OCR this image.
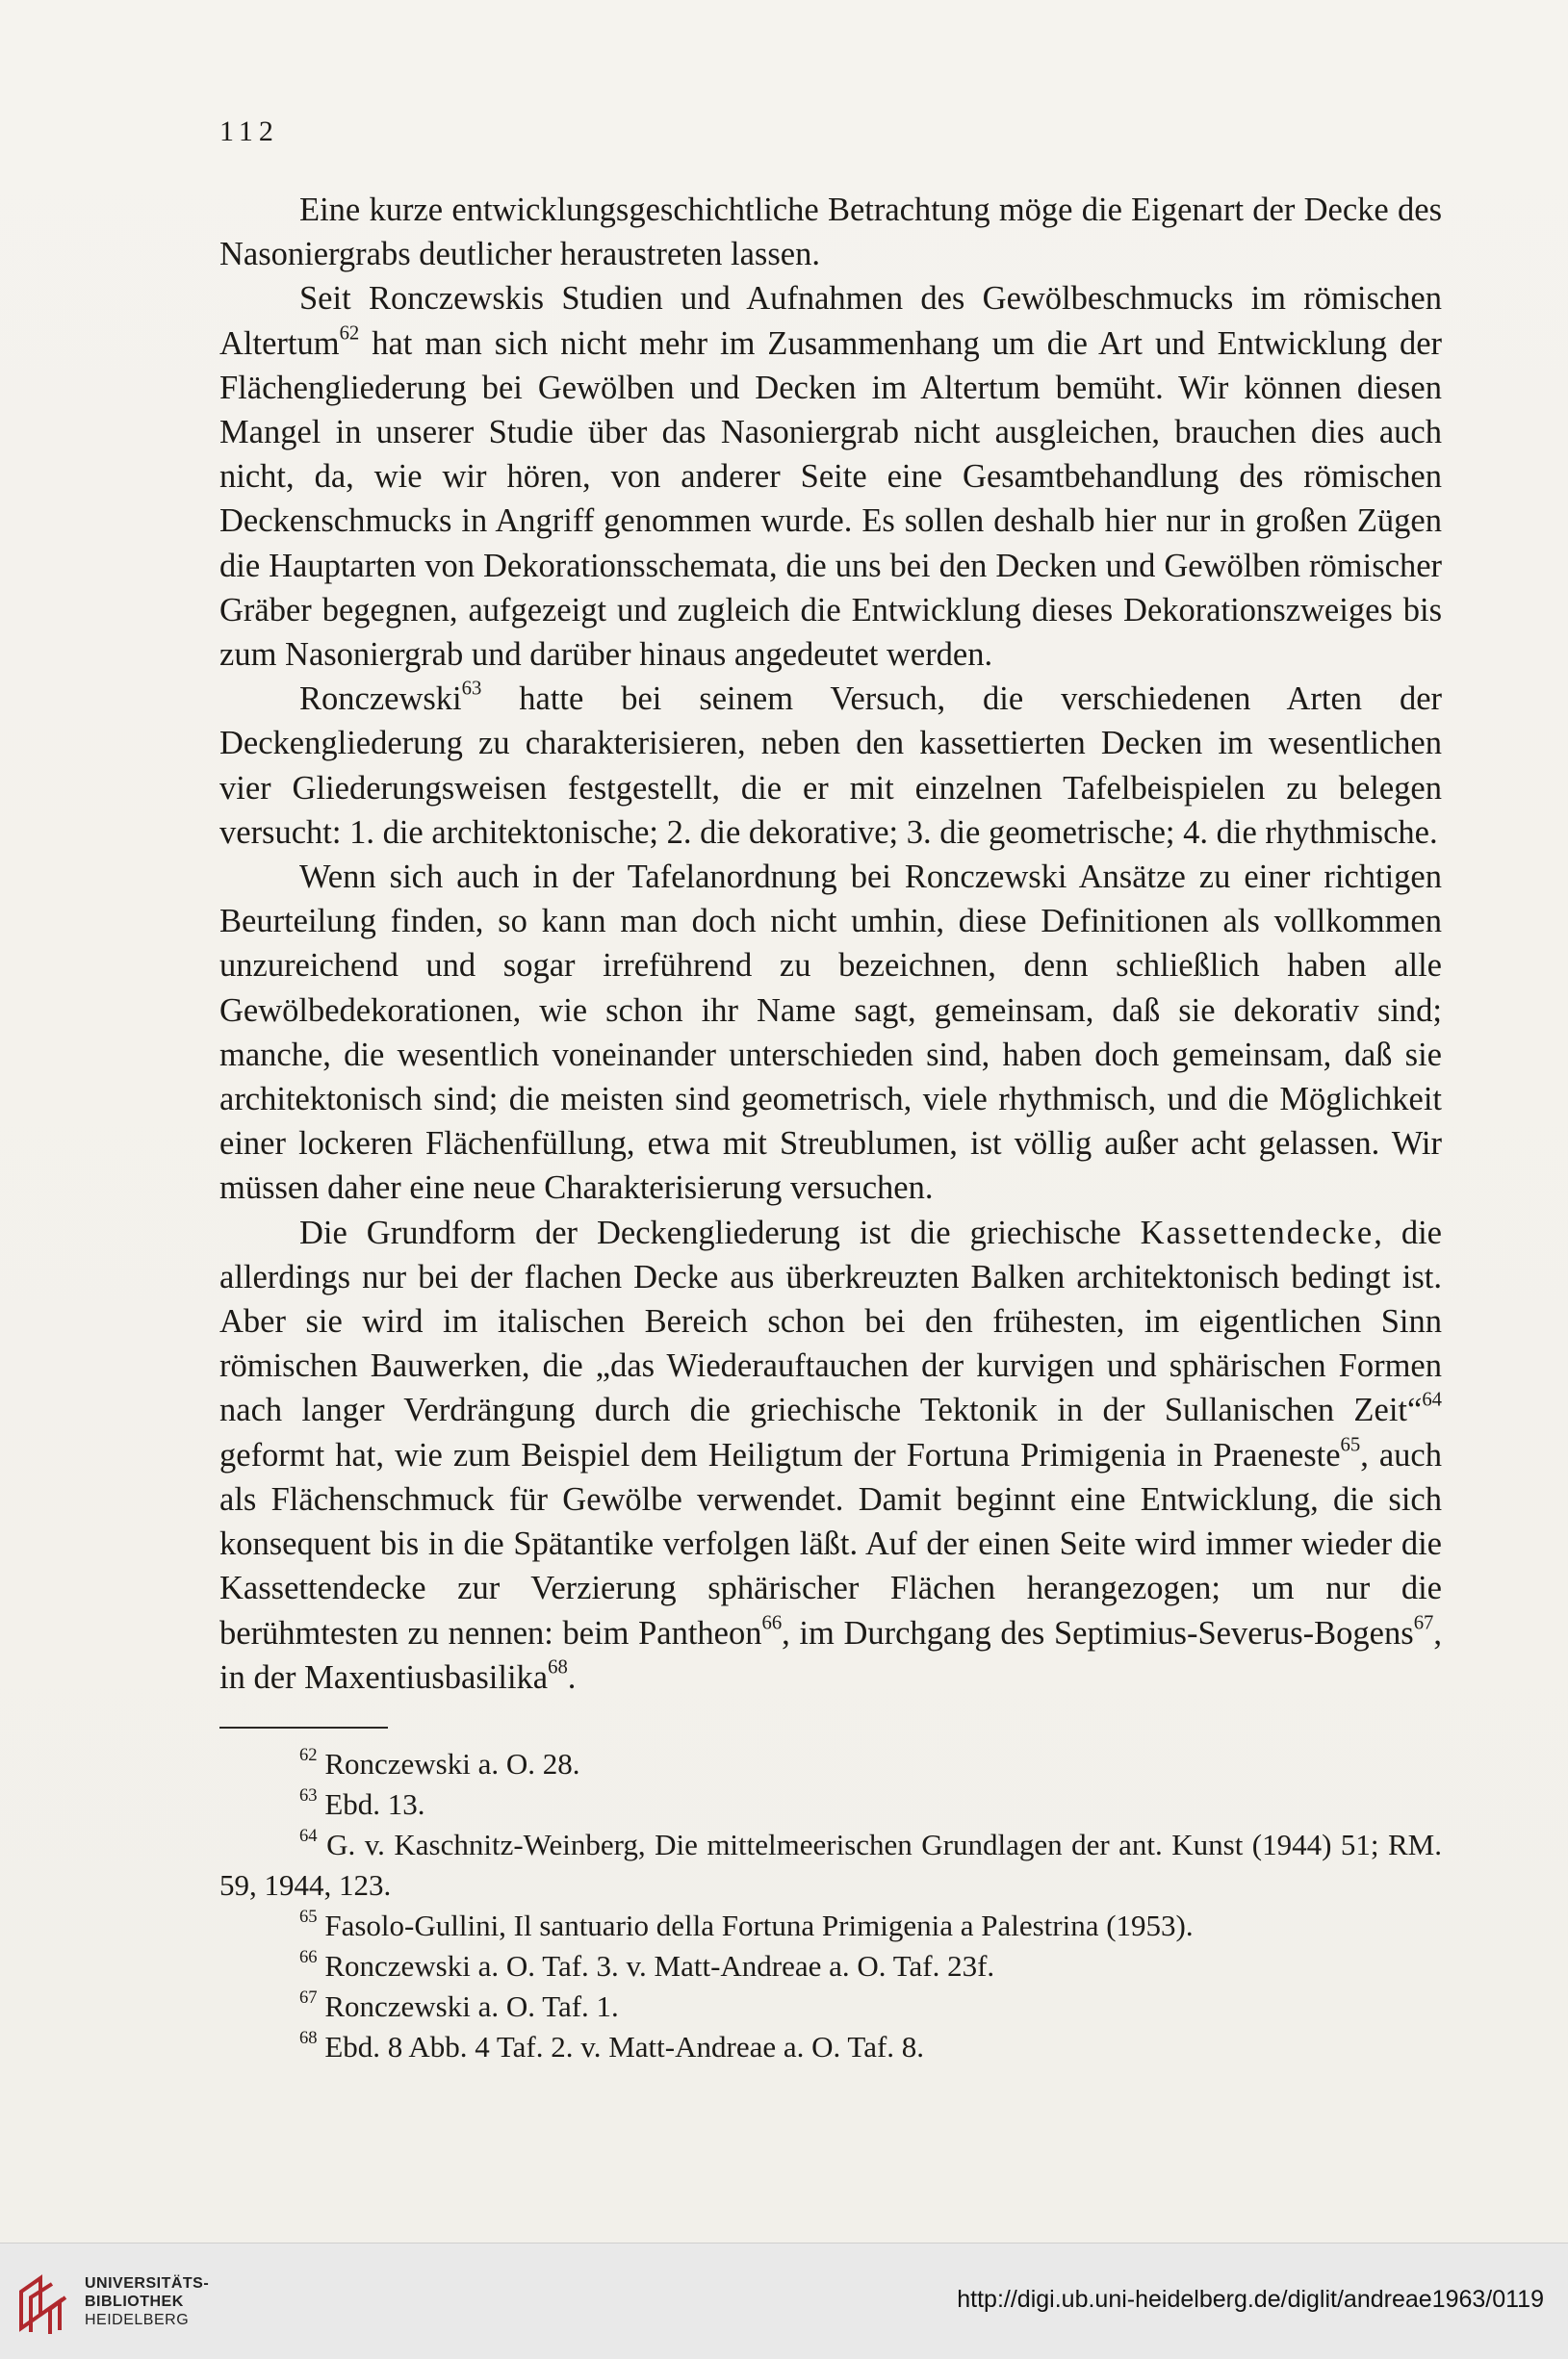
112

Eine kurze entwicklungsgeschichtliche Betrachtung möge die Eigenart der Decke des Nasoniergrabs deutlicher heraustreten lassen.

Seit Ronczewskis Studien und Aufnahmen des Gewölbeschmucks im römischen Altertum$^{62}$ hat man sich nicht mehr im Zusammenhang um die Art und Entwicklung der Flächengliederung bei Gewölben und Decken im Altertum bemüht. Wir können diesen Mangel in unserer Studie über das Nasoniergrab nicht ausgleichen, brauchen dies auch nicht, da, wie wir hören, von anderer Seite eine Gesamtbehandlung des römischen Deckenschmucks in Angriff genommen wurde. Es sollen deshalb hier nur in großen Zügen die Hauptarten von Dekorationsschemata, die uns bei den Decken und Gewölben römischer Gräber begegnen, aufgezeigt und zugleich die Entwicklung dieses Dekorationszweiges bis zum Nasoniergrab und darüber hinaus angedeutet werden.

Ronczewski$^{63}$ hatte bei seinem Versuch, die verschiedenen Arten der Deckengliederung zu charakterisieren, neben den kassettierten Decken im wesentlichen vier Gliederungsweisen festgestellt, die er mit einzelnen Tafelbeispielen zu belegen versucht: 1. die architektonische; 2. die dekorative; 3. die geometrische; 4. die rhythmische.

Wenn sich auch in der Tafelanordnung bei Ronczewski Ansätze zu einer richtigen Beurteilung finden, so kann man doch nicht umhin, diese Definitionen als vollkommen unzureichend und sogar irreführend zu bezeichnen, denn schließlich haben alle Gewölbedekorationen, wie schon ihr Name sagt, gemeinsam, daß sie dekorativ sind; manche, die wesentlich voneinander unterschieden sind, haben doch gemeinsam, daß sie architektonisch sind; die meisten sind geometrisch, viele rhythmisch, und die Möglichkeit einer lockeren Flächenfüllung, etwa mit Streublumen, ist völlig außer acht gelassen. Wir müssen daher eine neue Charakterisierung versuchen.

Die Grundform der Deckengliederung ist die griechische Kassettendecke, die allerdings nur bei der flachen Decke aus überkreuzten Balken architektonisch bedingt ist. Aber sie wird im italischen Bereich schon bei den frühesten, im eigentlichen Sinn römischen Bauwerken, die „das Wiederauftauchen der kurvigen und sphärischen Formen nach langer Verdrängung durch die griechische Tektonik in der Sullanischen Zeit“$^{64}$ geformt hat, wie zum Beispiel dem Heiligtum der Fortuna Primigenia in Praeneste$^{65}$, auch als Flächenschmuck für Gewölbe verwendet. Damit beginnt eine Entwicklung, die sich konsequent bis in die Spätantike verfolgen läßt. Auf der einen Seite wird immer wieder die Kassettendecke zur Verzierung sphärischer Flächen herangezogen; um nur die berühmtesten zu nennen: beim Pantheon$^{66}$, im Durchgang des Septimius-Severus-Bogens$^{67}$, in der Maxentiusbasilika$^{68}$.

$^{62}$ Ronczewski a. O. 28.

$^{63}$ Ebd. 13.

$^{64}$ G. v. Kaschnitz-Weinberg, Die mittelmeerischen Grundlagen der ant. Kunst (1944) 51; RM. 59, 1944, 123.

$^{65}$ Fasolo-Gullini, Il santuario della Fortuna Primigenia a Palestrina (1953).

$^{66}$ Ronczewski a. O. Taf. 3. v. Matt-Andreae a. O. Taf. 23f.

$^{67}$ Ronczewski a. O. Taf. 1.

$^{68}$ Ebd. 8 Abb. 4 Taf. 2. v. Matt-Andreae a. O. Taf. 8.

UNIVERSITÄTS-
BIBLIOTHEK
HEIDELBERG
http://digi.ub.uni-heidelberg.de/diglit/andreae1963/0119
